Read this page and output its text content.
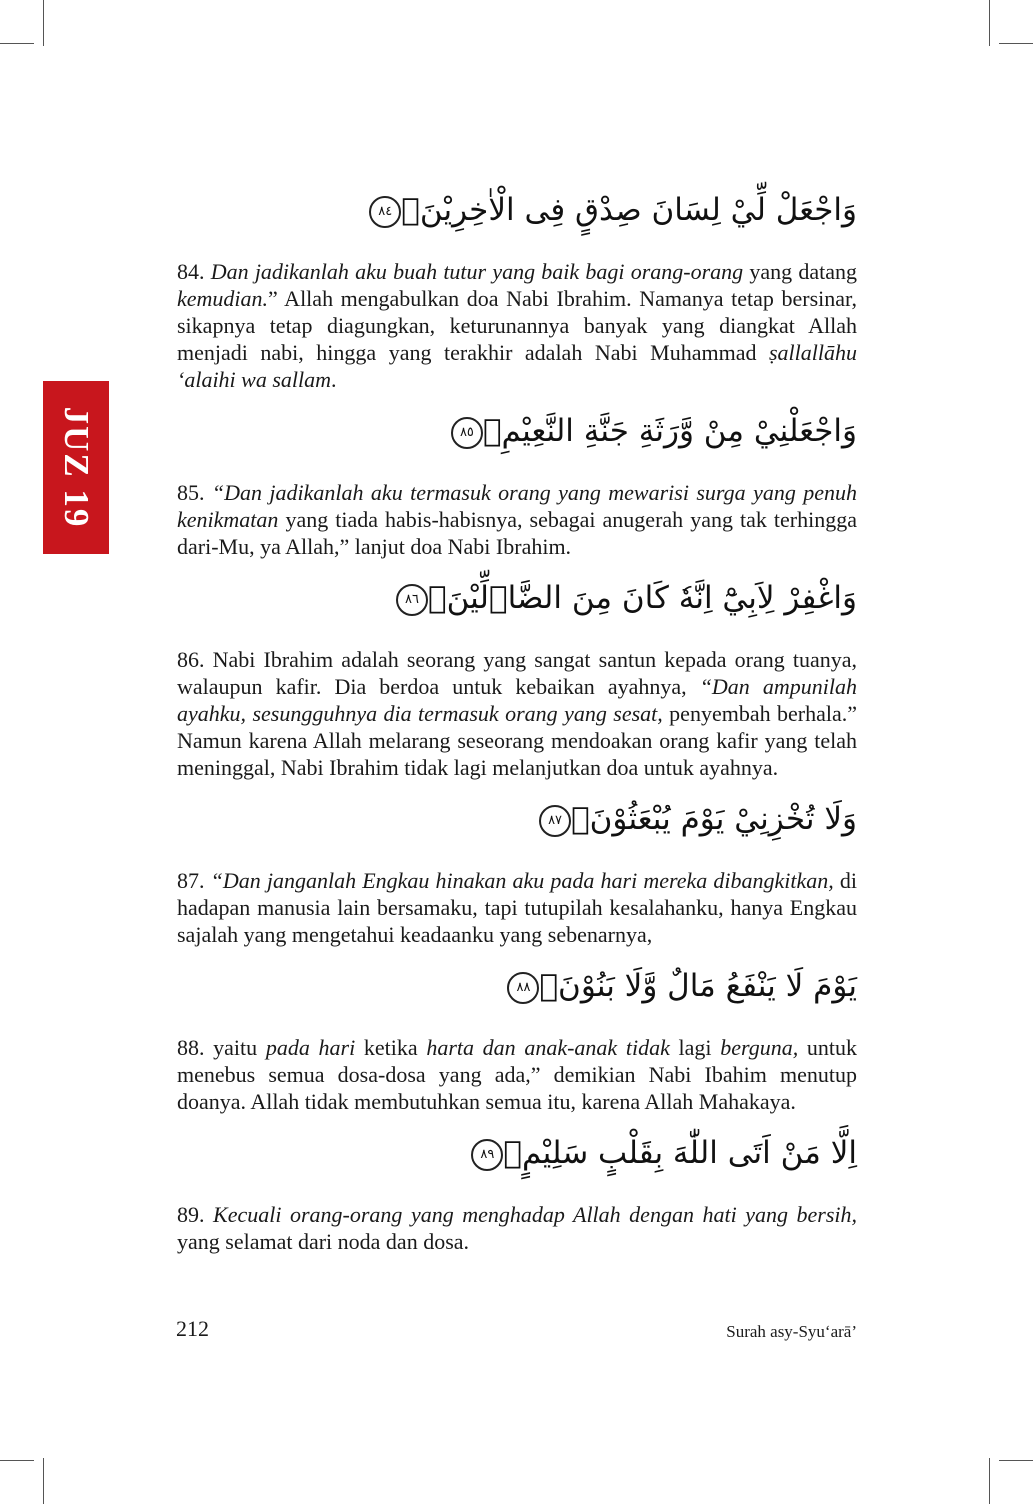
JUZ 19
وَاجْعَلْ لِّيْ لِسَانَ صِدْقٍ فِى الْاٰخِرِيْنَۙ٨٤

84. Dan jadikanlah aku buah tutur yang baik bagi orang-orang yang datang kemudian.” Allah mengabulkan doa Nabi Ibrahim. Namanya tetap bersinar, sikapnya tetap diagungkan, keturunannya banyak yang diangkat Allah menjadi nabi, hingga yang terakhir adalah Nabi Muhammad ṣallallāhu ‘alaihi wa sallam.

وَاجْعَلْنِيْ مِنْ وَّرَثَةِ جَنَّةِ النَّعِيْمِۙ٨٥

85. “Dan jadikanlah aku termasuk orang yang mewarisi surga yang penuh kenikmatan yang tiada habis-habisnya, sebagai anugerah yang tak terhingga dari-Mu, ya Allah,” lanjut doa Nabi Ibrahim.

وَاغْفِرْ لِاَبِيْٓ اِنَّهٗ كَانَ مِنَ الضَّاۤلِّيْنَۙ٨٦

86. Nabi Ibrahim adalah seorang yang sangat santun kepada orang tuanya, walaupun kafir. Dia berdoa untuk kebaikan ayahnya, “Dan ampunilah ayahku, sesungguhnya dia termasuk orang yang sesat, penyembah berhala.” Namun karena Allah melarang seseorang mendoakan orang kafir yang telah meninggal, Nabi Ibrahim tidak lagi melanjutkan doa untuk ayahnya.

وَلَا تُخْزِنِيْ يَوْمَ يُبْعَثُوْنَۙ٨٧

87. “Dan janganlah Engkau hinakan aku pada hari mereka dibangkitkan, di hadapan manusia lain bersamaku, tapi tutupilah kesalahanku, hanya Engkau sajalah yang mengetahui keadaanku yang sebenarnya,

يَوْمَ لَا يَنْفَعُ مَالٌ وَّلَا بَنُوْنَۙ٨٨

88. yaitu pada hari ketika harta dan anak-anak tidak lagi berguna, untuk menebus semua dosa-dosa yang ada,” demikian Nabi Ibahim menutup doanya. Allah tidak membutuhkan semua itu, karena Allah Mahakaya.

اِلَّا مَنْ اَتَى اللّٰهَ بِقَلْبٍ سَلِيْمٍۗ٨٩

89. Kecuali orang-orang yang menghadap Allah dengan hati yang bersih, yang selamat dari noda dan dosa.

212	Surah asy-Syu‘arā’
